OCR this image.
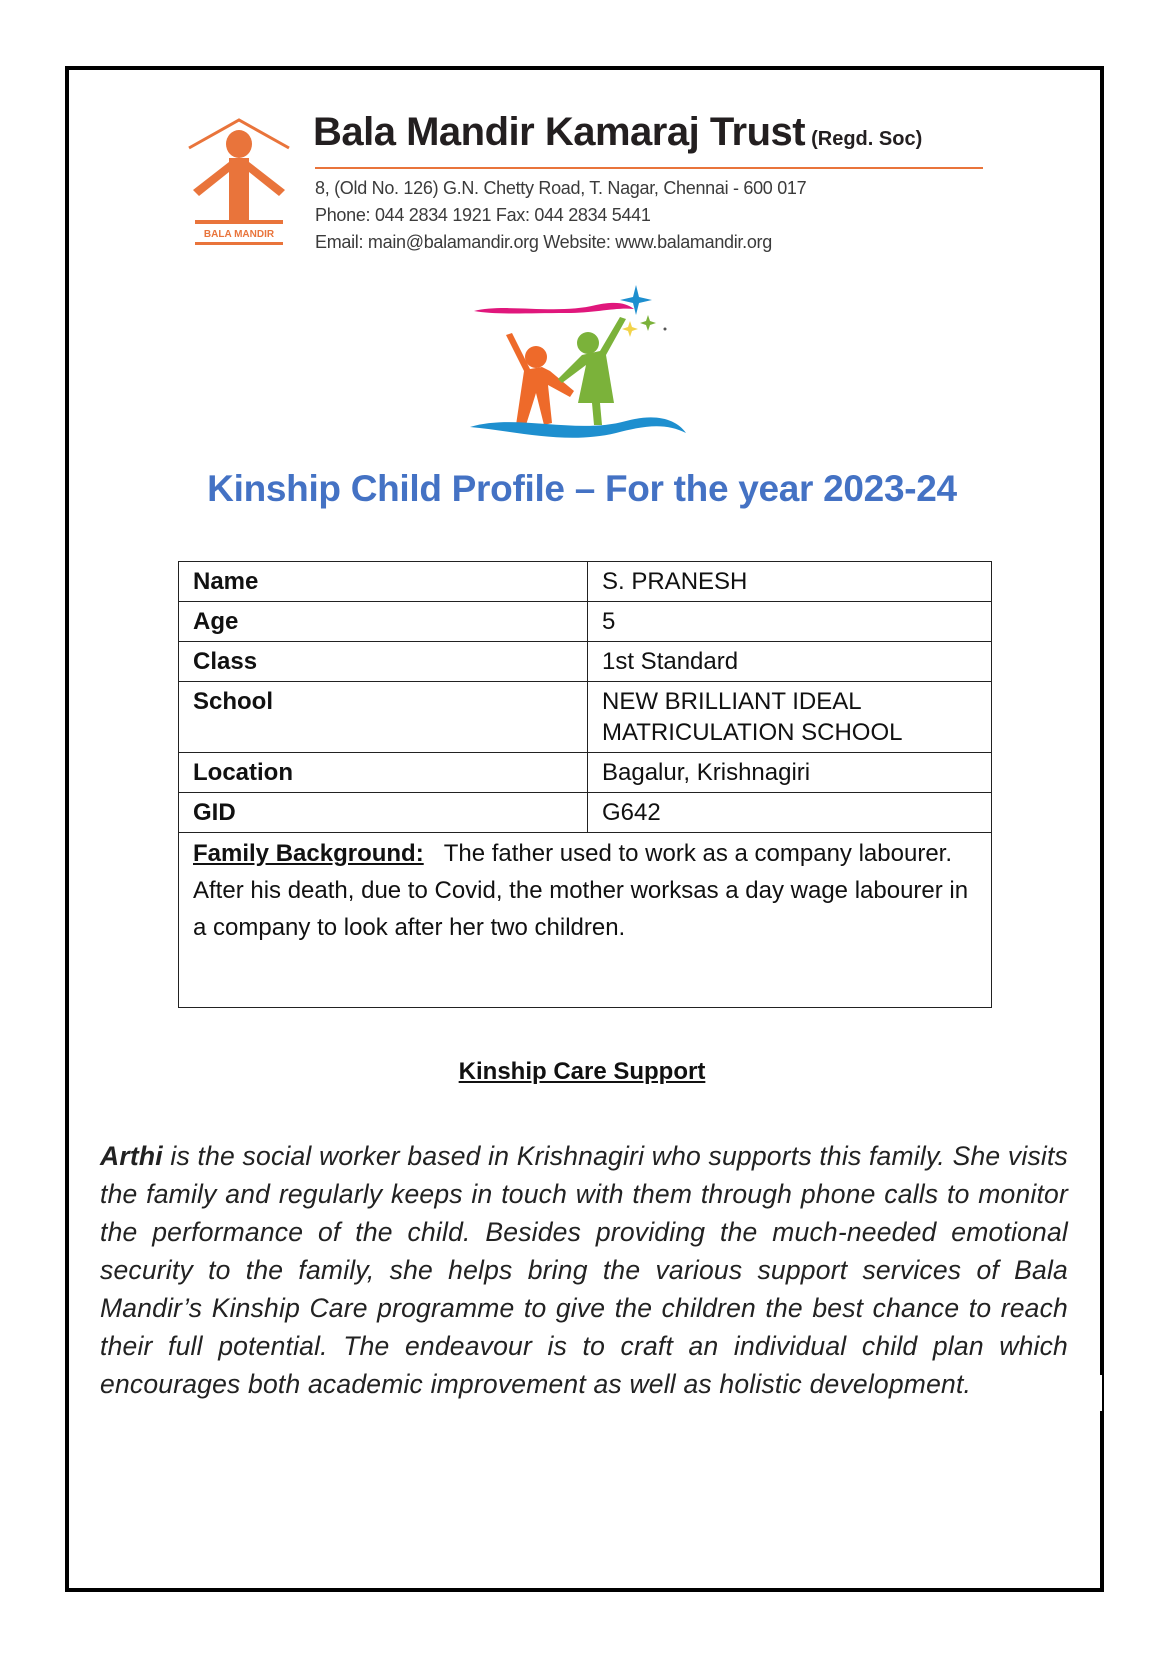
BALA MANDIR
Bala Mandir Kamaraj Trust (Regd. Soc)
8, (Old No. 126) G.N. Chetty Road, T. Nagar, Chennai - 600 017
Phone: 044 2834 1921 Fax: 044 2834 5441
Email: main@balamandir.org Website: www.balamandir.org
Kinship Child Profile – For the year 2023-24
Name	S. PRANESH
Age	5
Class	1st Standard
School	NEW BRILLIANT IDEAL
MATRICULATION SCHOOL

Location	Bagalur, Krishnagiri
GID	G642
Family Background: The father used to work as a company labourer. After his death, due to Covid, the mother worksas a day wage labourer in a company to look after her two children.	
Kinship Care Support

Arthi is the social worker based in Krishnagiri who supports this family. She visits the family and regularly keeps in touch with them through phone calls to monitor the performance of the child. Besides providing the much-needed emotional security to the family, she helps bring the various support services of Bala Mandir’s Kinship Care programme to give the children the best chance to reach their full potential. The endeavour is to craft an individual child plan which encourages both academic improvement as well as holistic development.
